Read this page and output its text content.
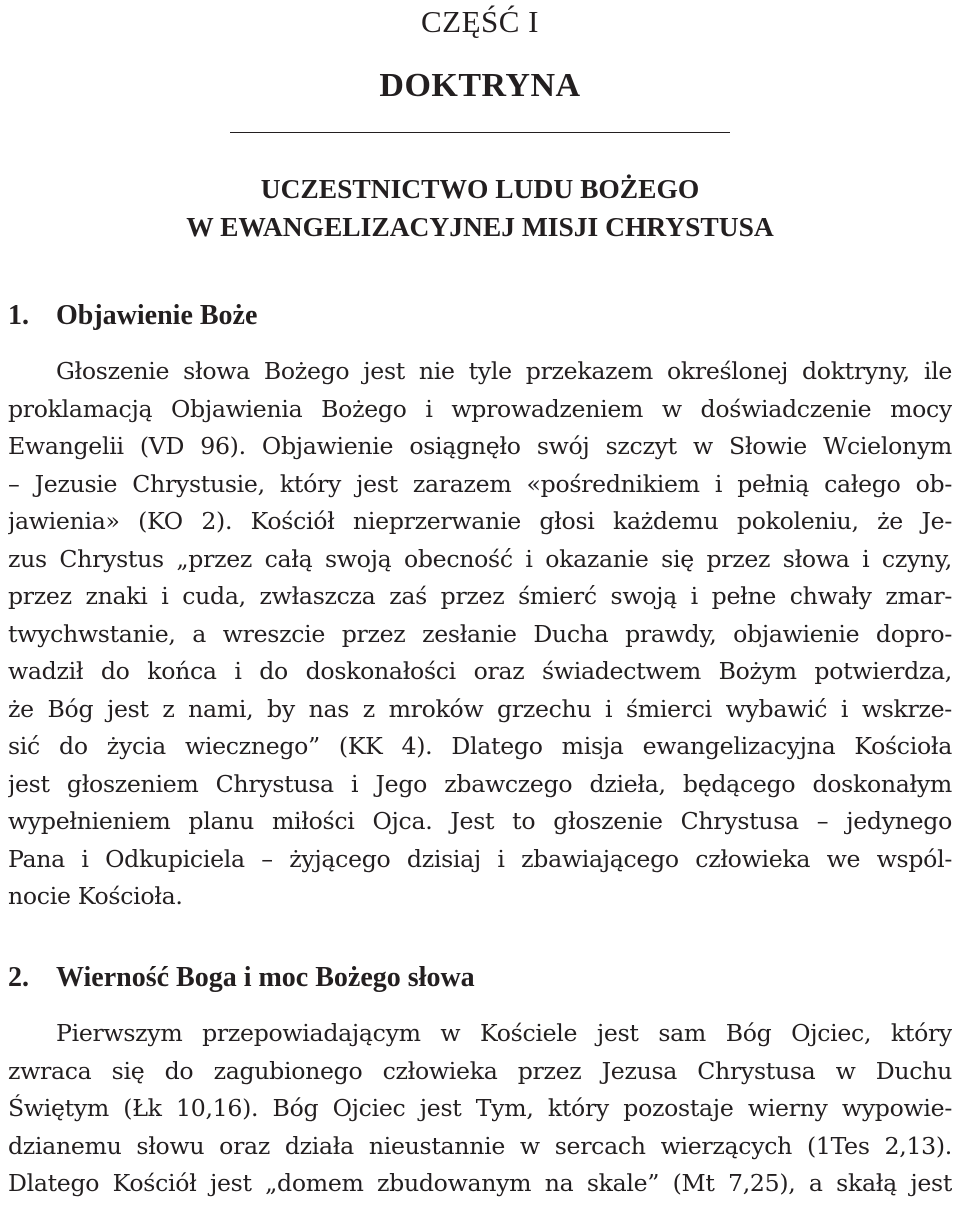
CZĘŚĆ I
DOKTRYNA
UCZESTNICTWO LUDU BOŻEGO
W EWANGELIZACYJNEJ MISJI CHRYSTUSA
1. Objawienie Boże
Głoszenie słowa Bożego jest nie tyle przekazem określonej doktryny, ile
proklamacją Objawienia Bożego i wprowadzeniem w doświadczenie mocy
Ewangelii (VD 96). Objawienie osiągnęło swój szczyt w Słowie Wcielonym
– Jezusie Chrystusie, który jest zarazem «pośrednikiem i pełnią całego ob-
jawienia» (KO 2). Kościół nieprzerwanie głosi każdemu pokoleniu, że Je-
zus Chrystus „przez całą swoją obecność i okazanie się przez słowa i czyny,
przez znaki i cuda, zwłaszcza zaś przez śmierć swoją i pełne chwały zmar-
twychwstanie, a wreszcie przez zesłanie Ducha prawdy, objawienie dopro-
wadził do końca i do doskonałości oraz świadectwem Bożym potwierdza,
że Bóg jest z nami, by nas z mroków grzechu i śmierci wybawić i wskrze-
sić do życia wiecznego” (KK 4). Dlatego misja ewangelizacyjna Kościoła
jest głoszeniem Chrystusa i Jego zbawczego dzieła, będącego doskonałym
wypełnieniem planu miłości Ojca. Jest to głoszenie Chrystusa – jedynego
Pana i Odkupiciela – żyjącego dzisiaj i zbawiającego człowieka we wspól-
nocie Kościoła.
2. Wierność Boga i moc Bożego słowa
Pierwszym przepowiadającym w Kościele jest sam Bóg Ojciec, który
zwraca się do zagubionego człowieka przez Jezusa Chrystusa w Duchu
Świętym (Łk 10,16). Bóg Ojciec jest Tym, który pozostaje wierny wypowie-
dzianemu słowu oraz działa nieustannie w sercach wierzących (1Tes 2,13).
Dlatego Kościół jest „domem zbudowanym na skale” (Mt 7,25), a skałą jest
